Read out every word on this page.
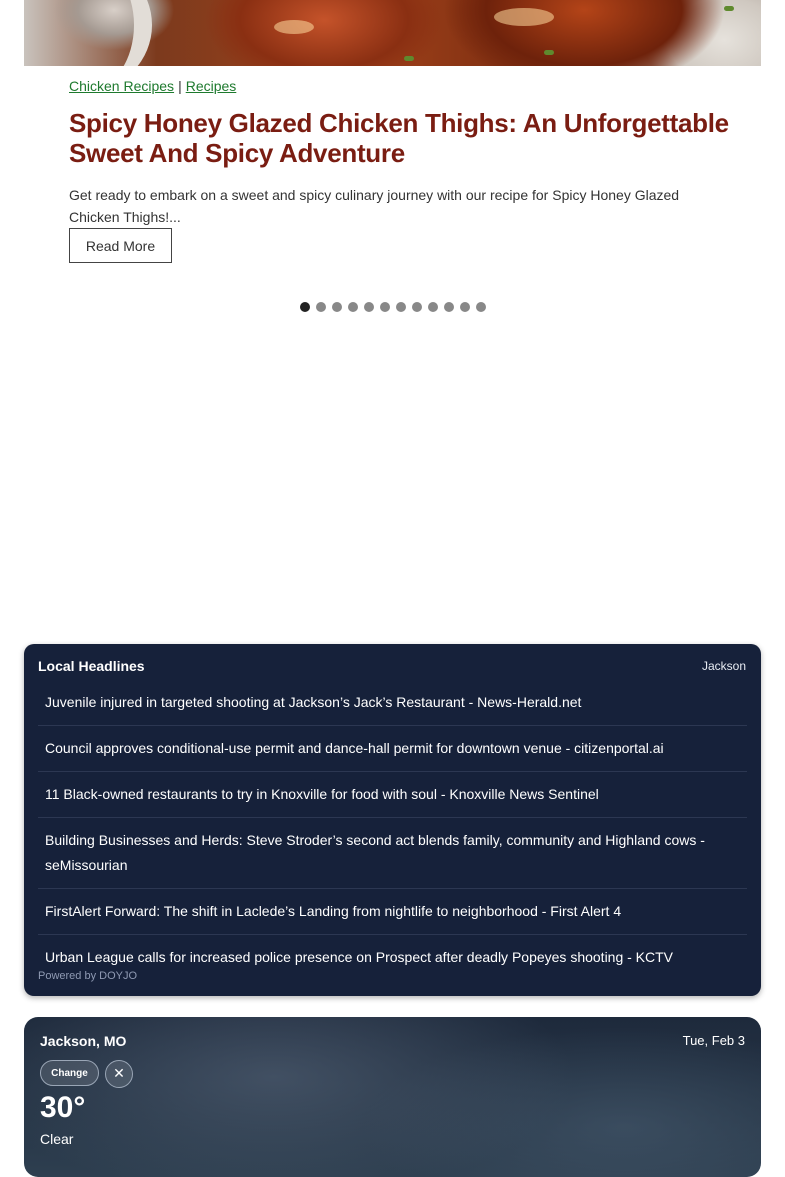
Chicken Recipes | Recipes
Spicy Honey Glazed Chicken Thighs: An Unforgettable Sweet And Spicy Adventure

Get ready to embark on a sweet and spicy culinary journey with our recipe for Spicy Honey Glazed Chicken Thighs!...

Read More
Local Headlines	Jackson
Juvenile injured in targeted shooting at Jackson’s Jack’s Restaurant - News-Herald.net
Council approves conditional-use permit and dance-hall permit for downtown venue - citizenportal.ai
11 Black-owned restaurants to try in Knoxville for food with soul - Knoxville News Sentinel
Building Businesses and Herds: Steve Stroder’s second act blends family, community and Highland cows - seMissourian
FirstAlert Forward: The shift in Laclede’s Landing from nightlife to neighborhood - First Alert 4
Urban League calls for increased police presence on Prospect after deadly Popeyes shooting - KCTV
Powered by DOYJO
Jackson, MO	Tue, Feb 3
Change	✕
30°
Clear
